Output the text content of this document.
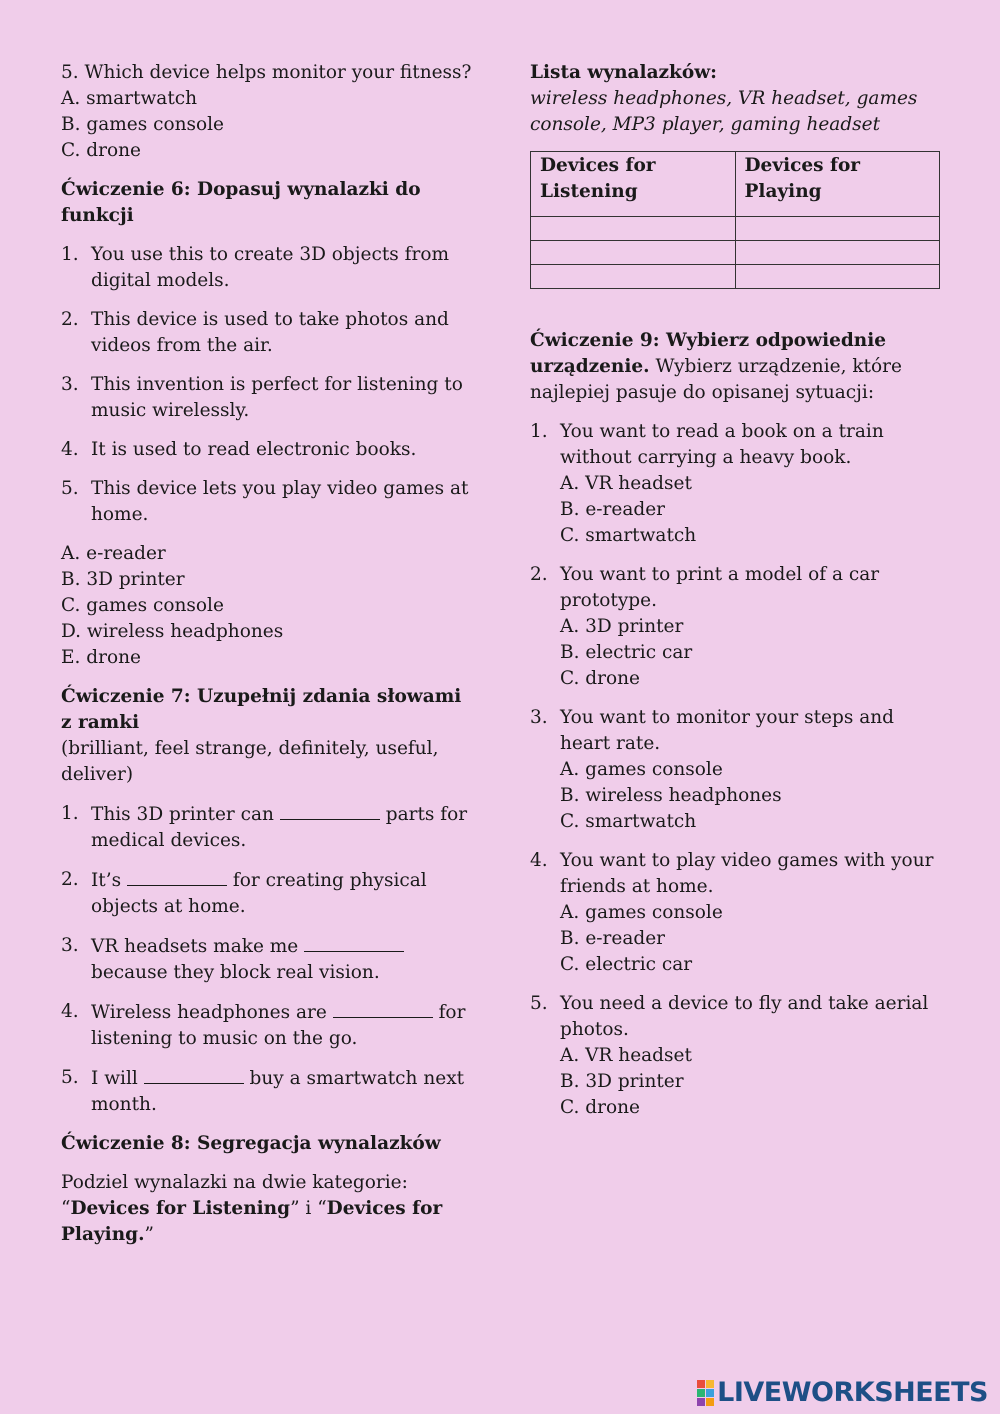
5. Which device helps monitor your fitness?

A. smartwatch

B. games console

C. drone

Ćwiczenie 6: Dopasuj wynalazki do funkcji

1. You use this to create 3D objects from digital models.
2. This device is used to take photos and videos from the air.
3. This invention is perfect for listening to music wirelessly.
4. It is used to read electronic books.
5. This device lets you play video games at home.

A. e-reader

B. 3D printer

C. games console

D. wireless headphones

E. drone

Ćwiczenie 7: Uzupełnij zdania słowami z ramki

(brilliant, feel strange, definitely, useful, deliver)

1. This 3D printer can	parts for medical devices.
2. It’s	for creating physical objects at home.
3. VR headsets make me  because they block real vision.
4. Wireless headphones are	for listening to music on the go.
5. I will	buy a smartwatch next month.

Ćwiczenie 8: Segregacja wynalazków

Podziel wynalazki na dwie kategorie:
“Devices for Listening” i “Devices for Playing.”

Lista wynalazków:

wireless headphones, VR headset, games console, MP3 player, gaming headset

Devices for Listening	Devices for Playing

Ćwiczenie 9: Wybierz odpowiednie urządzenie. Wybierz urządzenie, które najlepiej pasuje do opisanej sytuacji:

1. You want to read a book on a train without carrying a heavy book.
A. VR headset
B. e-reader
C. smartwatch
2. You want to print a model of a car prototype.
A. 3D printer
B. electric car
C. drone
3. You want to monitor your steps and heart rate.
A. games console
B. wireless headphones
C. smartwatch
4. You want to play video games with your friends at home.
A. games console
B. e-reader
C. electric car
5. You need a device to fly and take aerial photos.
A. VR headset
B. 3D printer
C. drone
LIVEWORKSHEETS
